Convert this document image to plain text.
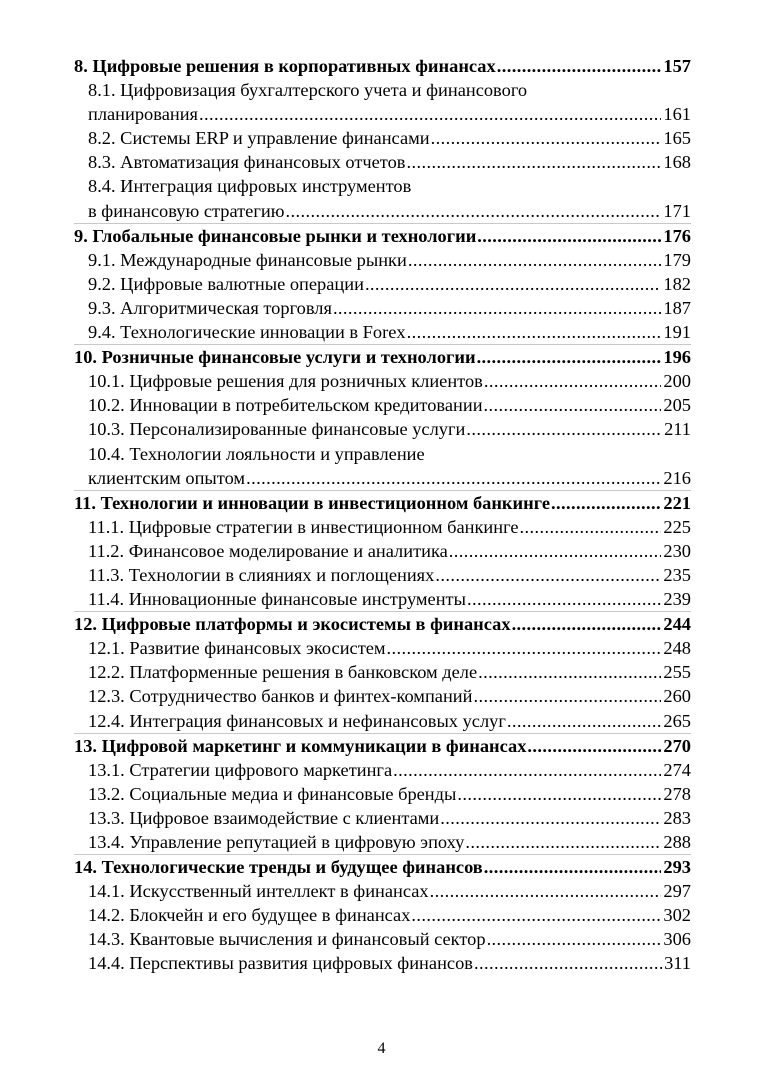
8. Цифровые решения в корпоративных финансах .....	157
8.1. Цифровизация бухгалтерского учета и финансового
планирования .....	161
8.2. Системы ERP и управление финансами .....	165
8.3. Автоматизация финансовых отчетов .....	168
8.4. Интеграция цифровых инструментов
в финансовую стратегию .....	171
9. Глобальные финансовые рынки и технологии .....	176
9.1. Международные финансовые рынки .....	179
9.2. Цифровые валютные операции .....	182
9.3. Алгоритмическая торговля .....	187
9.4. Технологические инновации в Forex .....	191
10. Розничные финансовые услуги и технологии .....	196
10.1. Цифровые решения для розничных клиентов .....	200
10.2. Инновации в потребительском кредитовании .....	205
10.3. Персонализированные финансовые услуги .....	211
10.4. Технологии лояльности и управление
клиентским опытом .....	216
11. Технологии и инновации в инвестиционном банкинге .....	221
11.1. Цифровые стратегии в инвестиционном банкинге .....	225
11.2. Финансовое моделирование и аналитика .....	230
11.3. Технологии в слияниях и поглощениях .....	235
11.4. Инновационные финансовые инструменты .....	239
12. Цифровые платформы и экосистемы в финансах .....	244
12.1. Развитие финансовых экосистем .....	248
12.2. Платформенные решения в банковском деле .....	255
12.3. Сотрудничество банков и финтех-компаний .....	260
12.4. Интеграция финансовых и нефинансовых услуг .....	265
13. Цифровой маркетинг и коммуникации в финансах .....	270
13.1. Стратегии цифрового маркетинга .....	274
13.2. Социальные медиа и финансовые бренды .....	278
13.3. Цифровое взаимодействие с клиентами .....	283
13.4. Управление репутацией в цифровую эпоху .....	288
14. Технологические тренды и будущее финансов .....	293
14.1. Искусственный интеллект в финансах .....	297
14.2. Блокчейн и его будущее в финансах .....	302
14.3. Квантовые вычисления и финансовый сектор .....	306
14.4. Перспективы развития цифровых финансов .....	311
4
